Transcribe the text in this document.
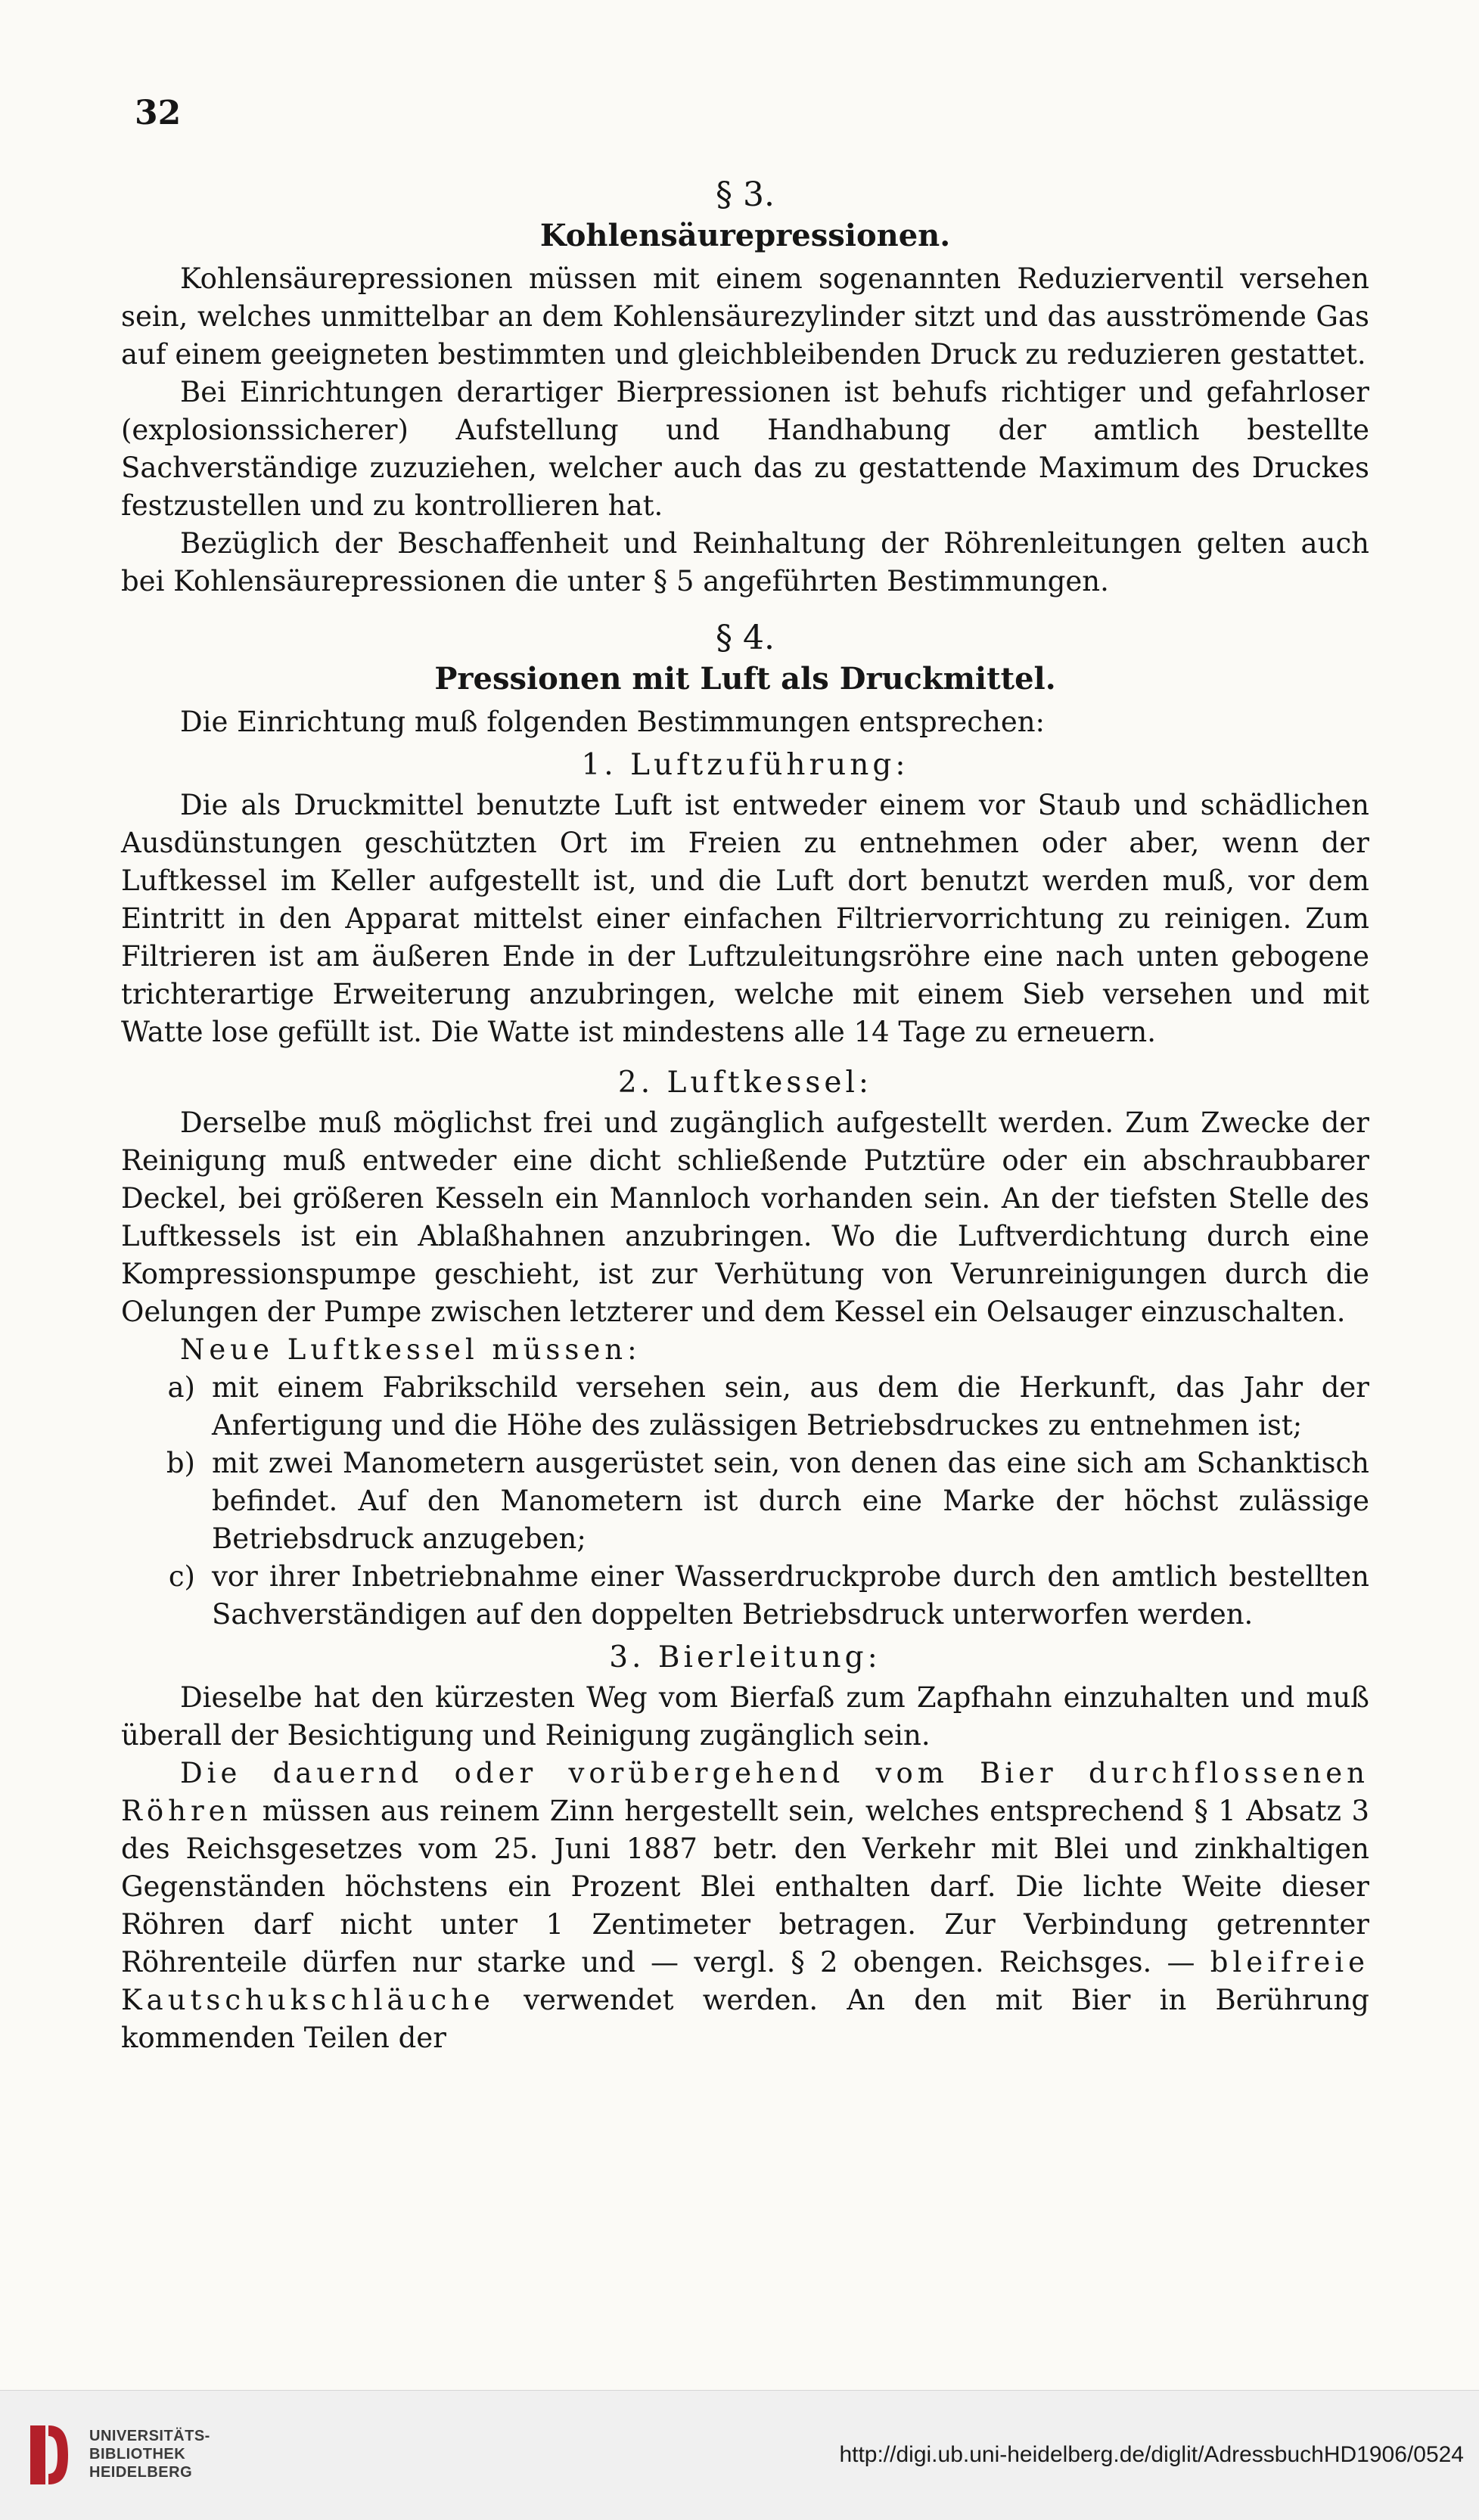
32

§ 3.

Kohlensäurepressionen.

Kohlensäurepressionen müssen mit einem sogenannten Reduzierventil versehen sein, welches unmittelbar an dem Kohlensäurezylinder sitzt und das ausströmende Gas auf einem geeigneten bestimmten und gleichbleibenden Druck zu reduzieren gestattet.

Bei Einrichtungen derartiger Bierpressionen ist behufs richtiger und gefahrloser (explosionssicherer) Aufstellung und Handhabung der amtlich bestellte Sachverständige zuzuziehen, welcher auch das zu gestattende Maximum des Druckes festzustellen und zu kontrollieren hat.

Bezüglich der Beschaffenheit und Reinhaltung der Röhrenleitungen gelten auch bei Kohlensäurepressionen die unter § 5 angeführten Bestimmungen.

§ 4.

Pressionen mit Luft als Druckmittel.

Die Einrichtung muß folgenden Bestimmungen entsprechen:

1. Luftzuführung:

Die als Druckmittel benutzte Luft ist entweder einem vor Staub und schädlichen Ausdünstungen geschützten Ort im Freien zu entnehmen oder aber, wenn der Luftkessel im Keller aufgestellt ist, und die Luft dort benutzt werden muß, vor dem Eintritt in den Apparat mittelst einer einfachen Filtriervorrichtung zu reinigen. Zum Filtrieren ist am äußeren Ende in der Luftzuleitungsröhre eine nach unten gebogene trichterartige Erweiterung anzubringen, welche mit einem Sieb versehen und mit Watte lose gefüllt ist. Die Watte ist mindestens alle 14 Tage zu erneuern.

2. Luftkessel:

Derselbe muß möglichst frei und zugänglich aufgestellt werden. Zum Zwecke der Reinigung muß entweder eine dicht schließende Putztüre oder ein abschraubbarer Deckel, bei größeren Kesseln ein Mannloch vorhanden sein. An der tiefsten Stelle des Luftkessels ist ein Ablaßhahnen anzubringen. Wo die Luftverdichtung durch eine Kompressionspumpe geschieht, ist zur Verhütung von Verunreinigungen durch die Oelungen der Pumpe zwischen letzterer und dem Kessel ein Oelsauger einzuschalten.

Neue Luftkessel müssen:

a) mit einem Fabrikschild versehen sein, aus dem die Herkunft, das Jahr der Anfertigung und die Höhe des zulässigen Betriebsdruckes zu entnehmen ist;
b) mit zwei Manometern ausgerüstet sein, von denen das eine sich am Schanktisch befindet. Auf den Manometern ist durch eine Marke der höchst zulässige Betriebsdruck anzugeben;
c) vor ihrer Inbetriebnahme einer Wasserdruckprobe durch den amtlich bestellten Sachverständigen auf den doppelten Betriebsdruck unterworfen werden.

3. Bierleitung:

Dieselbe hat den kürzesten Weg vom Bierfaß zum Zapfhahn einzuhalten und muß überall der Besichtigung und Reinigung zugänglich sein.

Die dauernd oder vorübergehend vom Bier durchflossenen Röhren müssen aus reinem Zinn hergestellt sein, welches entsprechend § 1 Absatz 3 des Reichsgesetzes vom 25. Juni 1887 betr. den Verkehr mit Blei und zinkhaltigen Gegenständen höchstens ein Prozent Blei enthalten darf. Die lichte Weite dieser Röhren darf nicht unter 1 Zentimeter betragen. Zur Verbindung getrennter Röhrenteile dürfen nur starke und — vergl. § 2 obengen. Reichsges. — bleifreie Kautschukschläuche verwendet werden. An den mit Bier in Berührung kommenden Teilen der

UNIVERSITÄTS-
BIBLIOTHEK
HEIDELBERG
http://digi.ub.uni-heidelberg.de/diglit/AdressbuchHD1906/0524
